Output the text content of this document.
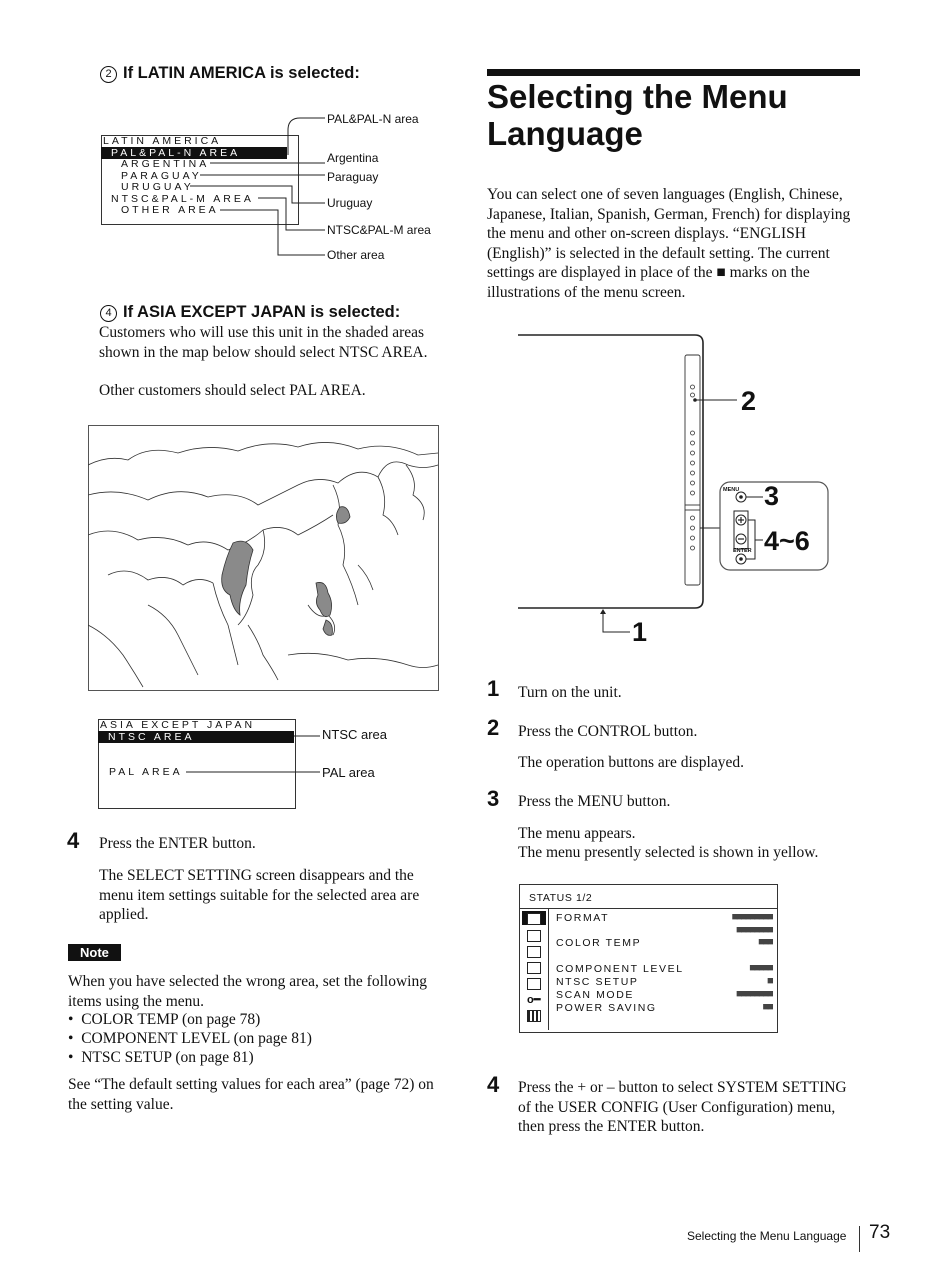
2 If LATIN AMERICA is selected:
LATIN AMERICA
PAL&PAL-N AREA
ARGENTINA
PARAGUAY
URUGUAY
NTSC&PAL-M AREA
OTHER AREA
PAL&PAL-N area
Argentina
Paraguay
Uruguay
NTSC&PAL-M area
Other area
4 If ASIA EXCEPT JAPAN is selected:
Customers who will use this unit in the shaded areas shown in the map below should select NTSC AREA.
Other customers should select PAL AREA.
ASIA EXCEPT JAPAN
NTSC AREA
PAL AREA
NTSC area
PAL area
4 Press the ENTER button.
The SELECT SETTING screen disappears and the menu item settings suitable for the selected area are applied.
Note
When you have selected the wrong area, set the following items using the menu.
•  COLOR TEMP (on page 78)
•  COMPONENT LEVEL (on page 81)
•  NTSC SETUP (on page 81)
See “The default setting values for each area” (page 72) on the setting value.
Selecting the Menu
Language
You can select one of seven languages (English, Chinese, Japanese, Italian, Spanish, German, French) for displaying the menu and other on-screen displays. “ENGLISH (English)” is selected in the default setting. The current settings are displayed in place of the ■ marks on the illustrations of the menu screen.
MENU
ENTER
2
3
4~6
1
1 Turn on the unit.
2 Press the CONTROL button.
The operation buttons are displayed.
3 Press the MENU button.
The menu appears.
The menu presently selected is shown in yellow.
STATUS 1/2
o━
FORMAT	■■■■■■■■■
■■■■■■■■
COLOR TEMP	■■■
COMPONENT LEVEL	■■■■■
NTSC SETUP	■
SCAN MODE	■■■■■■■■
POWER SAVING	■■
4 Press the + or – button to select SYSTEM SETTING of the USER CONFIG (User Configuration) menu, then press the ENTER button.
Selecting the Menu Language 73
